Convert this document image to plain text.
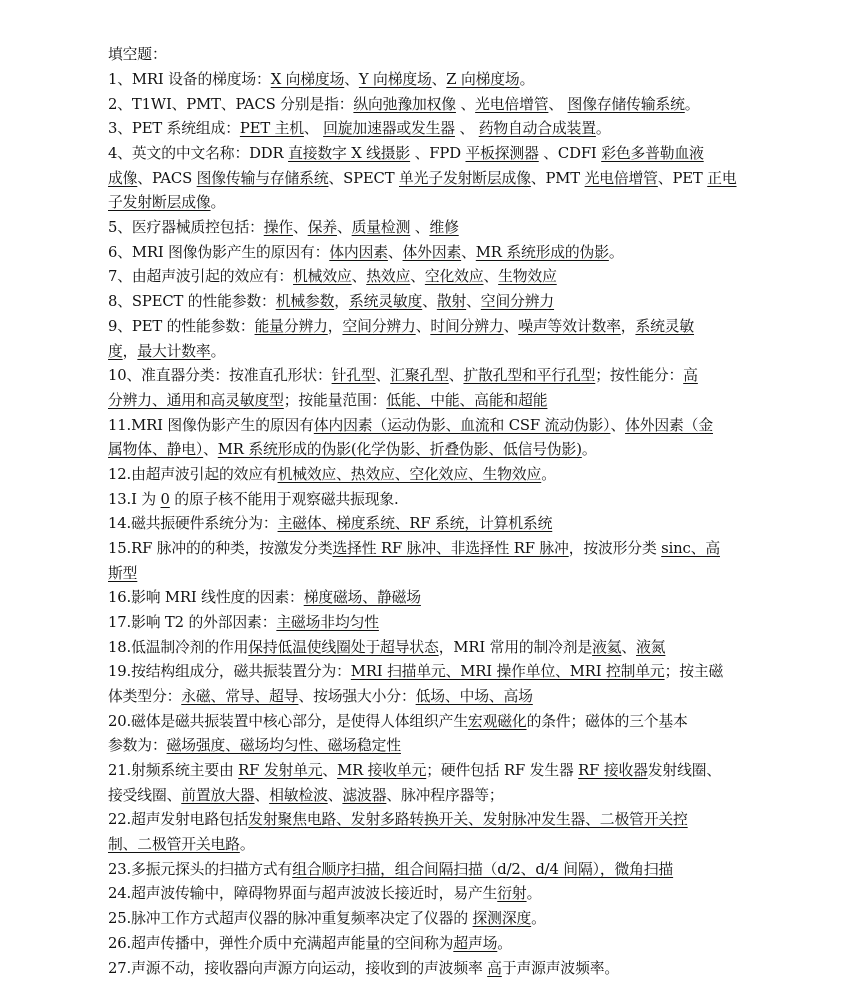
填空题：
1、MRI 设备的梯度场：X 向梯度场、Y 向梯度场、Z 向梯度场。
2、T1WI、PMT、PACS 分别是指：纵向弛豫加权像 、光电倍增管、 图像存储传输系统。
3、PET 系统组成：PET 主机、 回旋加速器或发生器 、 药物自动合成装置。
4、英文的中文名称：DDR 直接数字 X 线摄影 、FPD 平板探测器 、CDFI 彩色多普勒血液
成像、PACS 图像传输与存储系统、SPECT 单光子发射断层成像、PMT 光电倍增管、PET 正电
子发射断层成像。
5、医疗器械质控包括：操作、保养、质量检测 、维修
6、MRI 图像伪影产生的原因有：体内因素、体外因素、MR 系统形成的伪影。
7、由超声波引起的效应有：机械效应、热效应、空化效应、生物效应
8、SPECT 的性能参数：机械参数，系统灵敏度、散射、空间分辨力
9、PET 的性能参数：能量分辨力，空间分辨力、时间分辨力、噪声等效计数率，系统灵敏
度，最大计数率。
10、准直器分类：按准直孔形状：针孔型、汇聚孔型、扩散孔型和平行孔型；按性能分：高
分辨力、通用和高灵敏度型；按能量范围：低能、中能、高能和超能
11.MRI 图像伪影产生的原因有体内因素（运动伪影、血流和 CSF 流动伪影）、体外因素（金
属物体、静电）、MR 系统形成的伪影(化学伪影、折叠伪影、低信号伪影)。
12.由超声波引起的效应有机械效应、热效应、空化效应、生物效应。
13.I 为 0 的原子核不能用于观察磁共振现象.
14.磁共振硬件系统分为：主磁体、梯度系统、RF 系统，计算机系统
15.RF 脉冲的的种类，按激发分类选择性 RF 脉冲、非选择性 RF 脉冲，按波形分类 sinc、高
斯型
16.影响 MRI 线性度的因素：梯度磁场、静磁场
17.影响 T2 的外部因素：主磁场非均匀性
18.低温制冷剂的作用保持低温使线圈处于超导状态，MRI 常用的制冷剂是液氦、液氮
19.按结构组成分，磁共振装置分为：MRI 扫描单元、MRI 操作单位、MRI 控制单元；按主磁
体类型分：永磁、常导、超导、按场强大小分：低场、中场、高场
20.磁体是磁共振装置中核心部分，是使得人体组织产生宏观磁化的条件；磁体的三个基本
参数为：磁场强度、磁场均匀性、磁场稳定性
21.射频系统主要由 RF 发射单元、MR 接收单元；硬件包括 RF 发生器 RF 接收器发射线圈、
接受线圈、前置放大器、相敏检波、滤波器、脉冲程序器等；
22.超声发射电路包括发射聚焦电路、发射多路转换开关、发射脉冲发生器、二极管开关控
制、二极管开关电路。
23.多振元探头的扫描方式有组合顺序扫描，组合间隔扫描（d/2、d/4 间隔），微角扫描
24.超声波传输中，障碍物界面与超声波波长接近时，易产生衍射。
25.脉冲工作方式超声仪器的脉冲重复频率决定了仪器的 探测深度。
26.超声传播中，弹性介质中充满超声能量的空间称为超声场。
27.声源不动，接收器向声源方向运动，接收到的声波频率 高于声源声波频率。
